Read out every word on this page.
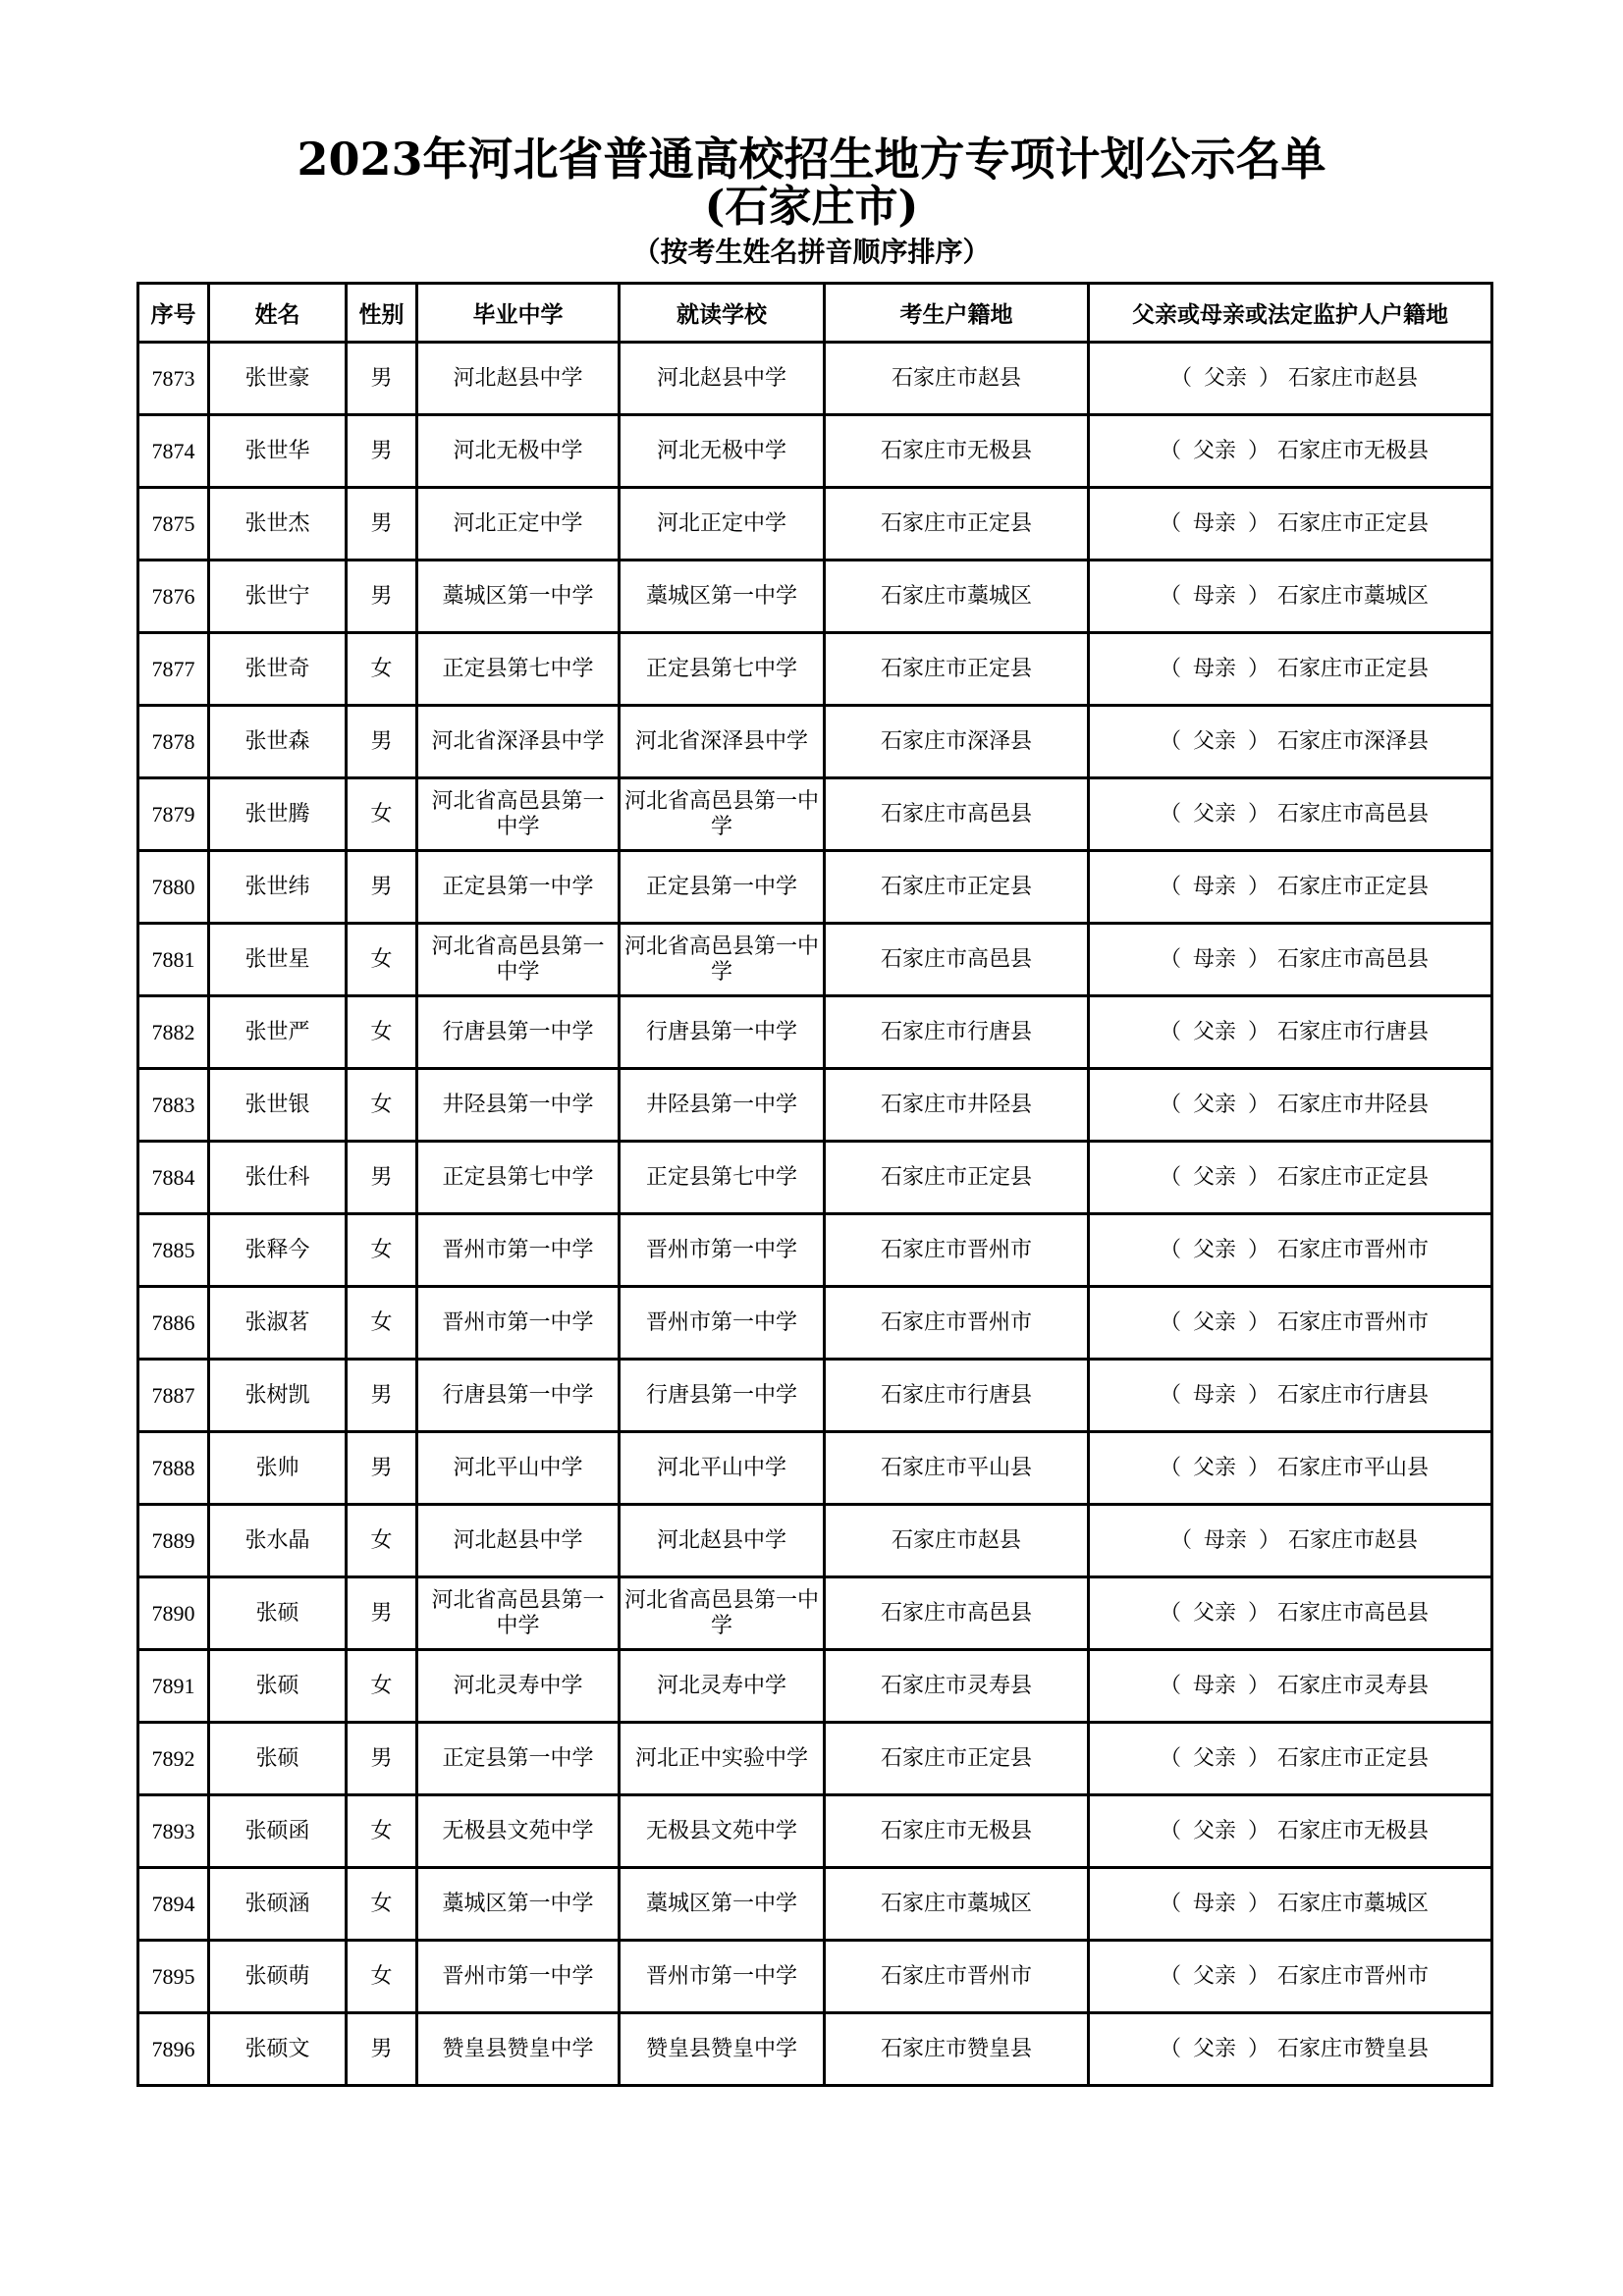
2023年河北省普通高校招生地方专项计划公示名单
(石家庄市)
（按考生姓名拼音顺序排序）
序号	姓名	性别	毕业中学	就读学校	考生户籍地	父亲或母亲或法定监护人户籍地
7873	张世豪	男	河北赵县中学	河北赵县中学	石家庄市赵县	（ 父亲 ） 石家庄市赵县
7874	张世华	男	河北无极中学	河北无极中学	石家庄市无极县	（ 父亲 ） 石家庄市无极县
7875	张世杰	男	河北正定中学	河北正定中学	石家庄市正定县	（ 母亲 ） 石家庄市正定县
7876	张世宁	男	藁城区第一中学	藁城区第一中学	石家庄市藁城区	（ 母亲 ） 石家庄市藁城区
7877	张世奇	女	正定县第七中学	正定县第七中学	石家庄市正定县	（ 母亲 ） 石家庄市正定县
7878	张世森	男	河北省深泽县中学	河北省深泽县中学	石家庄市深泽县	（ 父亲 ） 石家庄市深泽县
7879	张世腾	女	河北省高邑县第一中学	河北省高邑县第一中学	石家庄市高邑县	（ 父亲 ） 石家庄市高邑县
7880	张世纬	男	正定县第一中学	正定县第一中学	石家庄市正定县	（ 母亲 ） 石家庄市正定县
7881	张世星	女	河北省高邑县第一中学	河北省高邑县第一中学	石家庄市高邑县	（ 母亲 ） 石家庄市高邑县
7882	张世严	女	行唐县第一中学	行唐县第一中学	石家庄市行唐县	（ 父亲 ） 石家庄市行唐县
7883	张世银	女	井陉县第一中学	井陉县第一中学	石家庄市井陉县	（ 父亲 ） 石家庄市井陉县
7884	张仕科	男	正定县第七中学	正定县第七中学	石家庄市正定县	（ 父亲 ） 石家庄市正定县
7885	张释今	女	晋州市第一中学	晋州市第一中学	石家庄市晋州市	（ 父亲 ） 石家庄市晋州市
7886	张淑茗	女	晋州市第一中学	晋州市第一中学	石家庄市晋州市	（ 父亲 ） 石家庄市晋州市
7887	张树凯	男	行唐县第一中学	行唐县第一中学	石家庄市行唐县	（ 母亲 ） 石家庄市行唐县
7888	张帅	男	河北平山中学	河北平山中学	石家庄市平山县	（ 父亲 ） 石家庄市平山县
7889	张水晶	女	河北赵县中学	河北赵县中学	石家庄市赵县	（ 母亲 ） 石家庄市赵县
7890	张硕	男	河北省高邑县第一中学	河北省高邑县第一中学	石家庄市高邑县	（ 父亲 ） 石家庄市高邑县
7891	张硕	女	河北灵寿中学	河北灵寿中学	石家庄市灵寿县	（ 母亲 ） 石家庄市灵寿县
7892	张硕	男	正定县第一中学	河北正中实验中学	石家庄市正定县	（ 父亲 ） 石家庄市正定县
7893	张硕函	女	无极县文苑中学	无极县文苑中学	石家庄市无极县	（ 父亲 ） 石家庄市无极县
7894	张硕涵	女	藁城区第一中学	藁城区第一中学	石家庄市藁城区	（ 母亲 ） 石家庄市藁城区
7895	张硕萌	女	晋州市第一中学	晋州市第一中学	石家庄市晋州市	（ 父亲 ） 石家庄市晋州市
7896	张硕文	男	赞皇县赞皇中学	赞皇县赞皇中学	石家庄市赞皇县	（ 父亲 ） 石家庄市赞皇县
